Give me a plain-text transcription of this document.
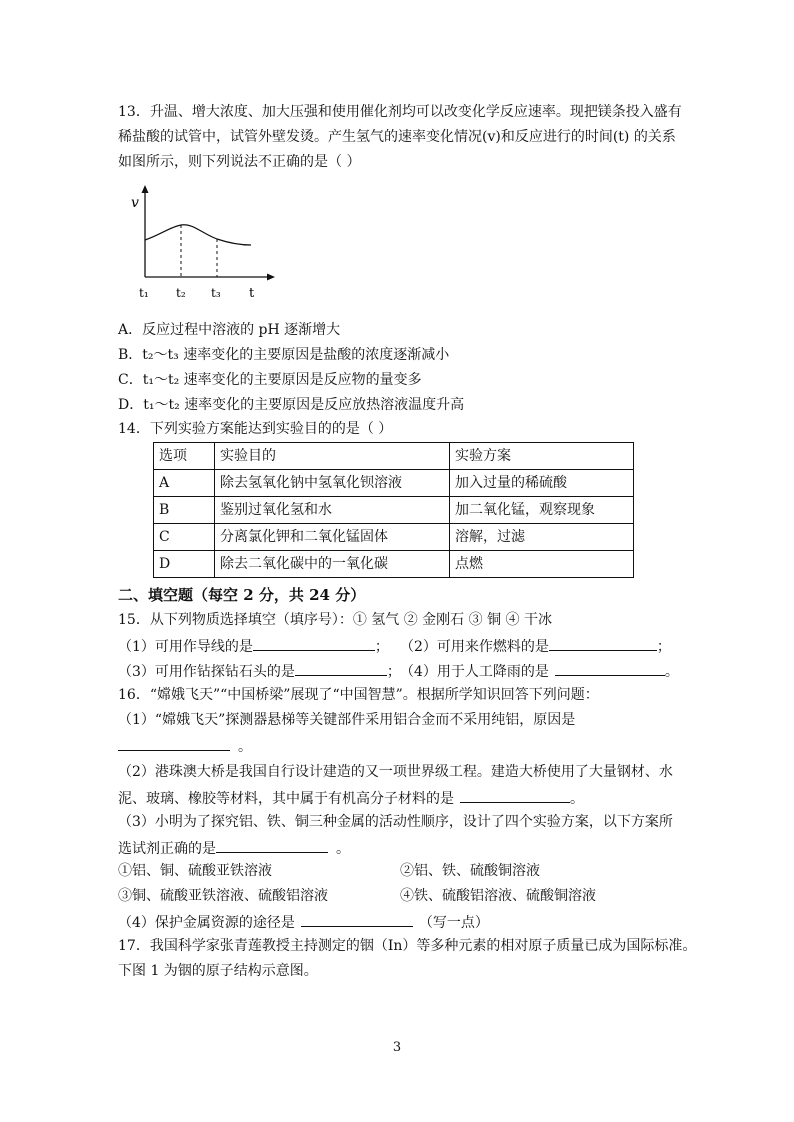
13．升温、增大浓度、加大压强和使用催化剂均可以改变化学反应速率。现把镁条投入盛有
稀盐酸的试管中，试管外壁发烫。产生氢气的速率变化情况(v)和反应进行的时间(t) 的关系
如图所示，则下列说法不正确的是（ ）
v
t
t₁ t₂ t₃
A．反应过程中溶液的 pH 逐渐增大
B．t₂～t₃ 速率变化的主要原因是盐酸的浓度逐渐减小
C．t₁～t₂ 速率变化的主要原因是反应物的量变多
D．t₁～t₂ 速率变化的主要原因是反应放热溶液温度升高
14．下列实验方案能达到实验目的的是（ ）
选项	实验目的	实验方案
A	除去氢氧化钠中氢氧化钡溶液	加入过量的稀硫酸
B	鉴别过氧化氢和水	加二氧化锰，观察现象
C	分离氯化钾和二氧化锰固体	溶解，过滤
D	除去二氧化碳中的一氧化碳	点燃
二、填空题（每空 2 分，共 24 分）
15．从下列物质选择填空（填序号）：① 氢气 ② 金刚石 ③ 铜 ④ 干冰
（1）可用作导线的是	； （2）可用来作燃料的是	；
（3）可用作钻探钻石头的是	； （4）用于人工降雨的是	。
16．“嫦娥飞天”“中国桥梁”展现了“中国智慧”。根据所学知识回答下列问题：
（1）“嫦娥飞天”探测器悬梯等关键部件采用铝合金而不采用纯铝，原因是
。
（2）港珠澳大桥是我国自行设计建造的又一项世界级工程。建造大桥使用了大量钢材、水
泥、玻璃、橡胶等材料，其中属于有机高分子材料的是	。
（3）小明为了探究铝、铁、铜三种金属的活动性顺序，设计了四个实验方案，以下方案所
选试剂正确的是	。
①铝、铜、硫酸亚铁溶液	②铝、铁、硫酸铜溶液
③铜、硫酸亚铁溶液、硫酸铝溶液	④铁、硫酸铝溶液、硫酸铜溶液
（4）保护金属资源的途径是	（写一点）
17．我国科学家张青莲教授主持测定的铟（In）等多种元素的相对原子质量已成为国际标准。
下图 1 为铟的原子结构示意图。
3
